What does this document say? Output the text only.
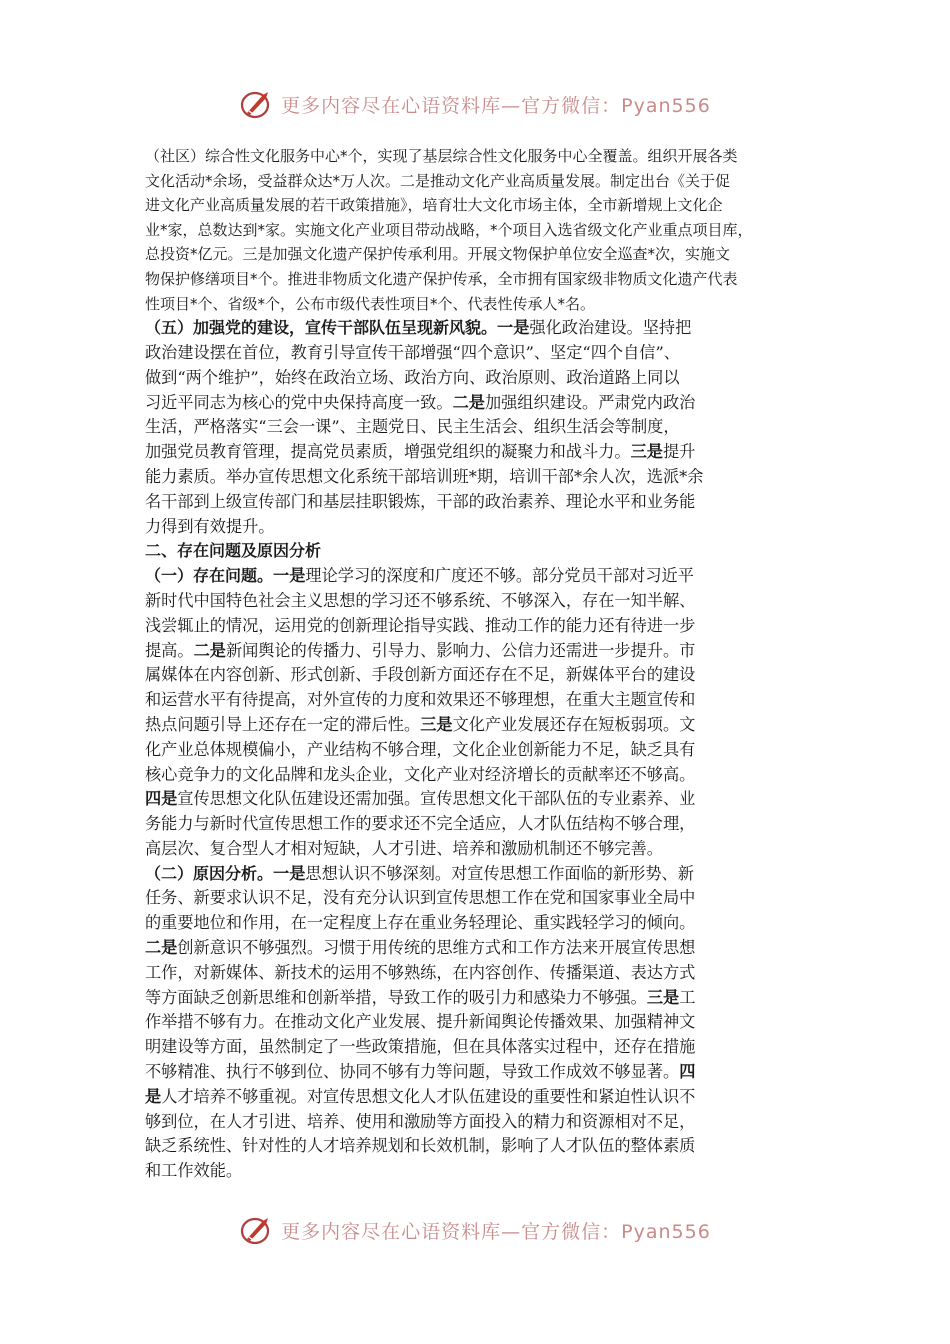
更多内容尽在心语资料库—官方微信：Pyan556

（社区）综合性文化服务中心*个，实现了基层综合性文化服务中心全覆盖。组织开展各类
文化活动*余场，受益群众达*万人次。二是推动文化产业高质量发展。制定出台《关于促
进文化产业高质量发展的若干政策措施》，培育壮大文化市场主体，全市新增规上文化企
业*家，总数达到*家。实施文化产业项目带动战略，*个项目入选省级文化产业重点项目库，
总投资*亿元。三是加强文化遗产保护传承利用。开展文物保护单位安全巡查*次，实施文
物保护修缮项目*个。推进非物质文化遗产保护传承，全市拥有国家级非物质文化遗产代表
性项目*个、省级*个，公布市级代表性项目*个、代表性传承人*名。

（五）加强党的建设，宣传干部队伍呈现新风貌。一是强化政治建设。坚持把
政治建设摆在首位，教育引导宣传干部增强“四个意识”、坚定“四个自信”、
做到“两个维护”，始终在政治立场、政治方向、政治原则、政治道路上同以
习近平同志为核心的党中央保持高度一致。二是加强组织建设。严肃党内政治
生活，严格落实“三会一课”、主题党日、民主生活会、组织生活会等制度，
加强党员教育管理，提高党员素质，增强党组织的凝聚力和战斗力。三是提升
能力素质。举办宣传思想文化系统干部培训班*期，培训干部*余人次，选派*余
名干部到上级宣传部门和基层挂职锻炼，干部的政治素养、理论水平和业务能
力得到有效提升。
二、存在问题及原因分析
（一）存在问题。一是理论学习的深度和广度还不够。部分党员干部对习近平
新时代中国特色社会主义思想的学习还不够系统、不够深入，存在一知半解、
浅尝辄止的情况，运用党的创新理论指导实践、推动工作的能力还有待进一步
提高。二是新闻舆论的传播力、引导力、影响力、公信力还需进一步提升。市
属媒体在内容创新、形式创新、手段创新方面还存在不足，新媒体平台的建设
和运营水平有待提高，对外宣传的力度和效果还不够理想，在重大主题宣传和
热点问题引导上还存在一定的滞后性。三是文化产业发展还存在短板弱项。文
化产业总体规模偏小，产业结构不够合理，文化企业创新能力不足，缺乏具有
核心竞争力的文化品牌和龙头企业，文化产业对经济增长的贡献率还不够高。
四是宣传思想文化队伍建设还需加强。宣传思想文化干部队伍的专业素养、业
务能力与新时代宣传思想工作的要求还不完全适应，人才队伍结构不够合理，
高层次、复合型人才相对短缺，人才引进、培养和激励机制还不够完善。
（二）原因分析。一是思想认识不够深刻。对宣传思想工作面临的新形势、新
任务、新要求认识不足，没有充分认识到宣传思想工作在党和国家事业全局中
的重要地位和作用，在一定程度上存在重业务轻理论、重实践轻学习的倾向。
二是创新意识不够强烈。习惯于用传统的思维方式和工作方法来开展宣传思想
工作，对新媒体、新技术的运用不够熟练，在内容创作、传播渠道、表达方式
等方面缺乏创新思维和创新举措，导致工作的吸引力和感染力不够强。三是工
作举措不够有力。在推动文化产业发展、提升新闻舆论传播效果、加强精神文
明建设等方面，虽然制定了一些政策措施，但在具体落实过程中，还存在措施
不够精准、执行不够到位、协同不够有力等问题，导致工作成效不够显著。四
是人才培养不够重视。对宣传思想文化人才队伍建设的重要性和紧迫性认识不
够到位，在人才引进、培养、使用和激励等方面投入的精力和资源相对不足，
缺乏系统性、针对性的人才培养规划和长效机制，影响了人才队伍的整体素质
和工作效能。
更多内容尽在心语资料库—官方微信：Pyan556
